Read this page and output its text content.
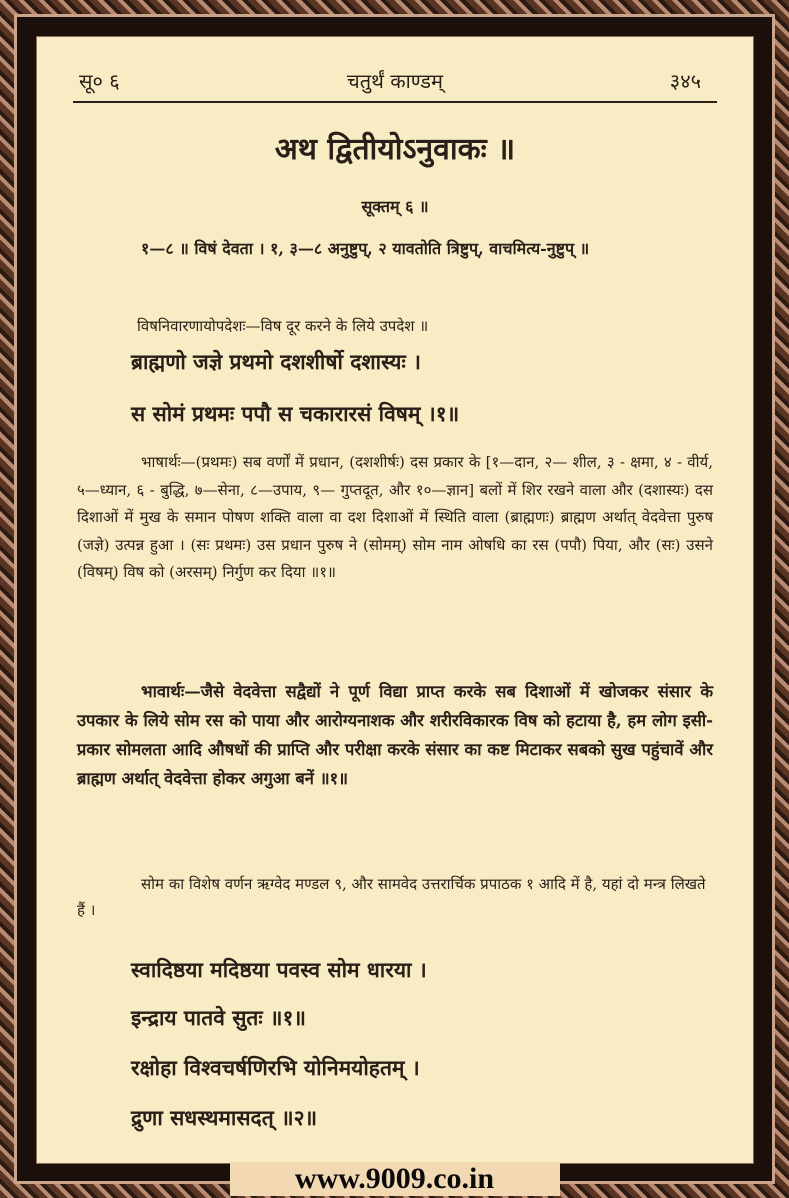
सू० ६	चतुर्थं काण्डम्	३४५
अथ द्वितीयोऽनुवाकः ॥
सूक्तम् ६ ॥
१—८ ॥ विषं देवता । १, ३—८ अनुष्टुप्, २ यावतोति त्रिष्टुप्, वाचमित्य-नुष्टुप् ॥
विषनिवारणायोपदेशः—विष दूर करने के लिये उपदेश ॥
ब्राह्मणो जज्ञे प्रथमो दशशीर्षो दशास्यः ।
स सोमं प्रथमः पपौ स चकारारसं विषम् ।१॥
भाषार्थः—(प्रथमः) सब वर्णों में प्रधान, (दशशीर्षः) दस प्रकार के [१—दान, २— शील, ३ - क्षमा, ४ - वीर्य, ५—ध्यान, ६ - बुद्धि, ७—सेना, ८—उपाय, ९— गुप्तदूत, और १०—ज्ञान] बलों में शिर रखने वाला और (दशास्यः) दस दिशाओं में मुख के समान पोषण शक्ति वाला वा दश दिशाओं में स्थिति वाला (ब्राह्मणः) ब्राह्मण अर्थात् वेदवेत्ता पुरुष (जज्ञे) उत्पन्न हुआ । (सः प्रथमः) उस प्रधान पुरुष ने (सोमम्) सोम नाम ओषधि का रस (पपौ) पिया, और (सः) उसने (विषम्) विष को (अरसम्) निर्गुण कर दिया ॥१॥
भावार्थः—जैसे वेदवेत्ता सद्वैद्यों ने पूर्ण विद्या प्राप्त करके सब दिशाओं में खोजकर संसार के उपकार के लिये सोम रस को पाया और आरोग्यनाशक और शरीरविकारक विष को हटाया है, हम लोग इसी-प्रकार सोमलता आदि औषधों की प्राप्ति और परीक्षा करके संसार का कष्ट मिटाकर सबको सुख पहुंचावें और ब्राह्मण अर्थात् वेदवेत्ता होकर अगुआ बनें ॥१॥
सोम का विशेष वर्णन ऋग्वेद मण्डल ९, और सामवेद उत्तरार्चिक प्रपाठक १ आदि में है, यहां दो मन्त्र लिखते हैं ।
स्वादिष्ठया मदिष्ठया पवस्व सोम धारया ।
इन्द्राय पातवे सुतः ॥१॥
रक्षोहा विश्वचर्षणिरभि योनिमयोहतम् ।
द्रुणा सधस्थमासदत् ॥२॥
www.9009.co.in
